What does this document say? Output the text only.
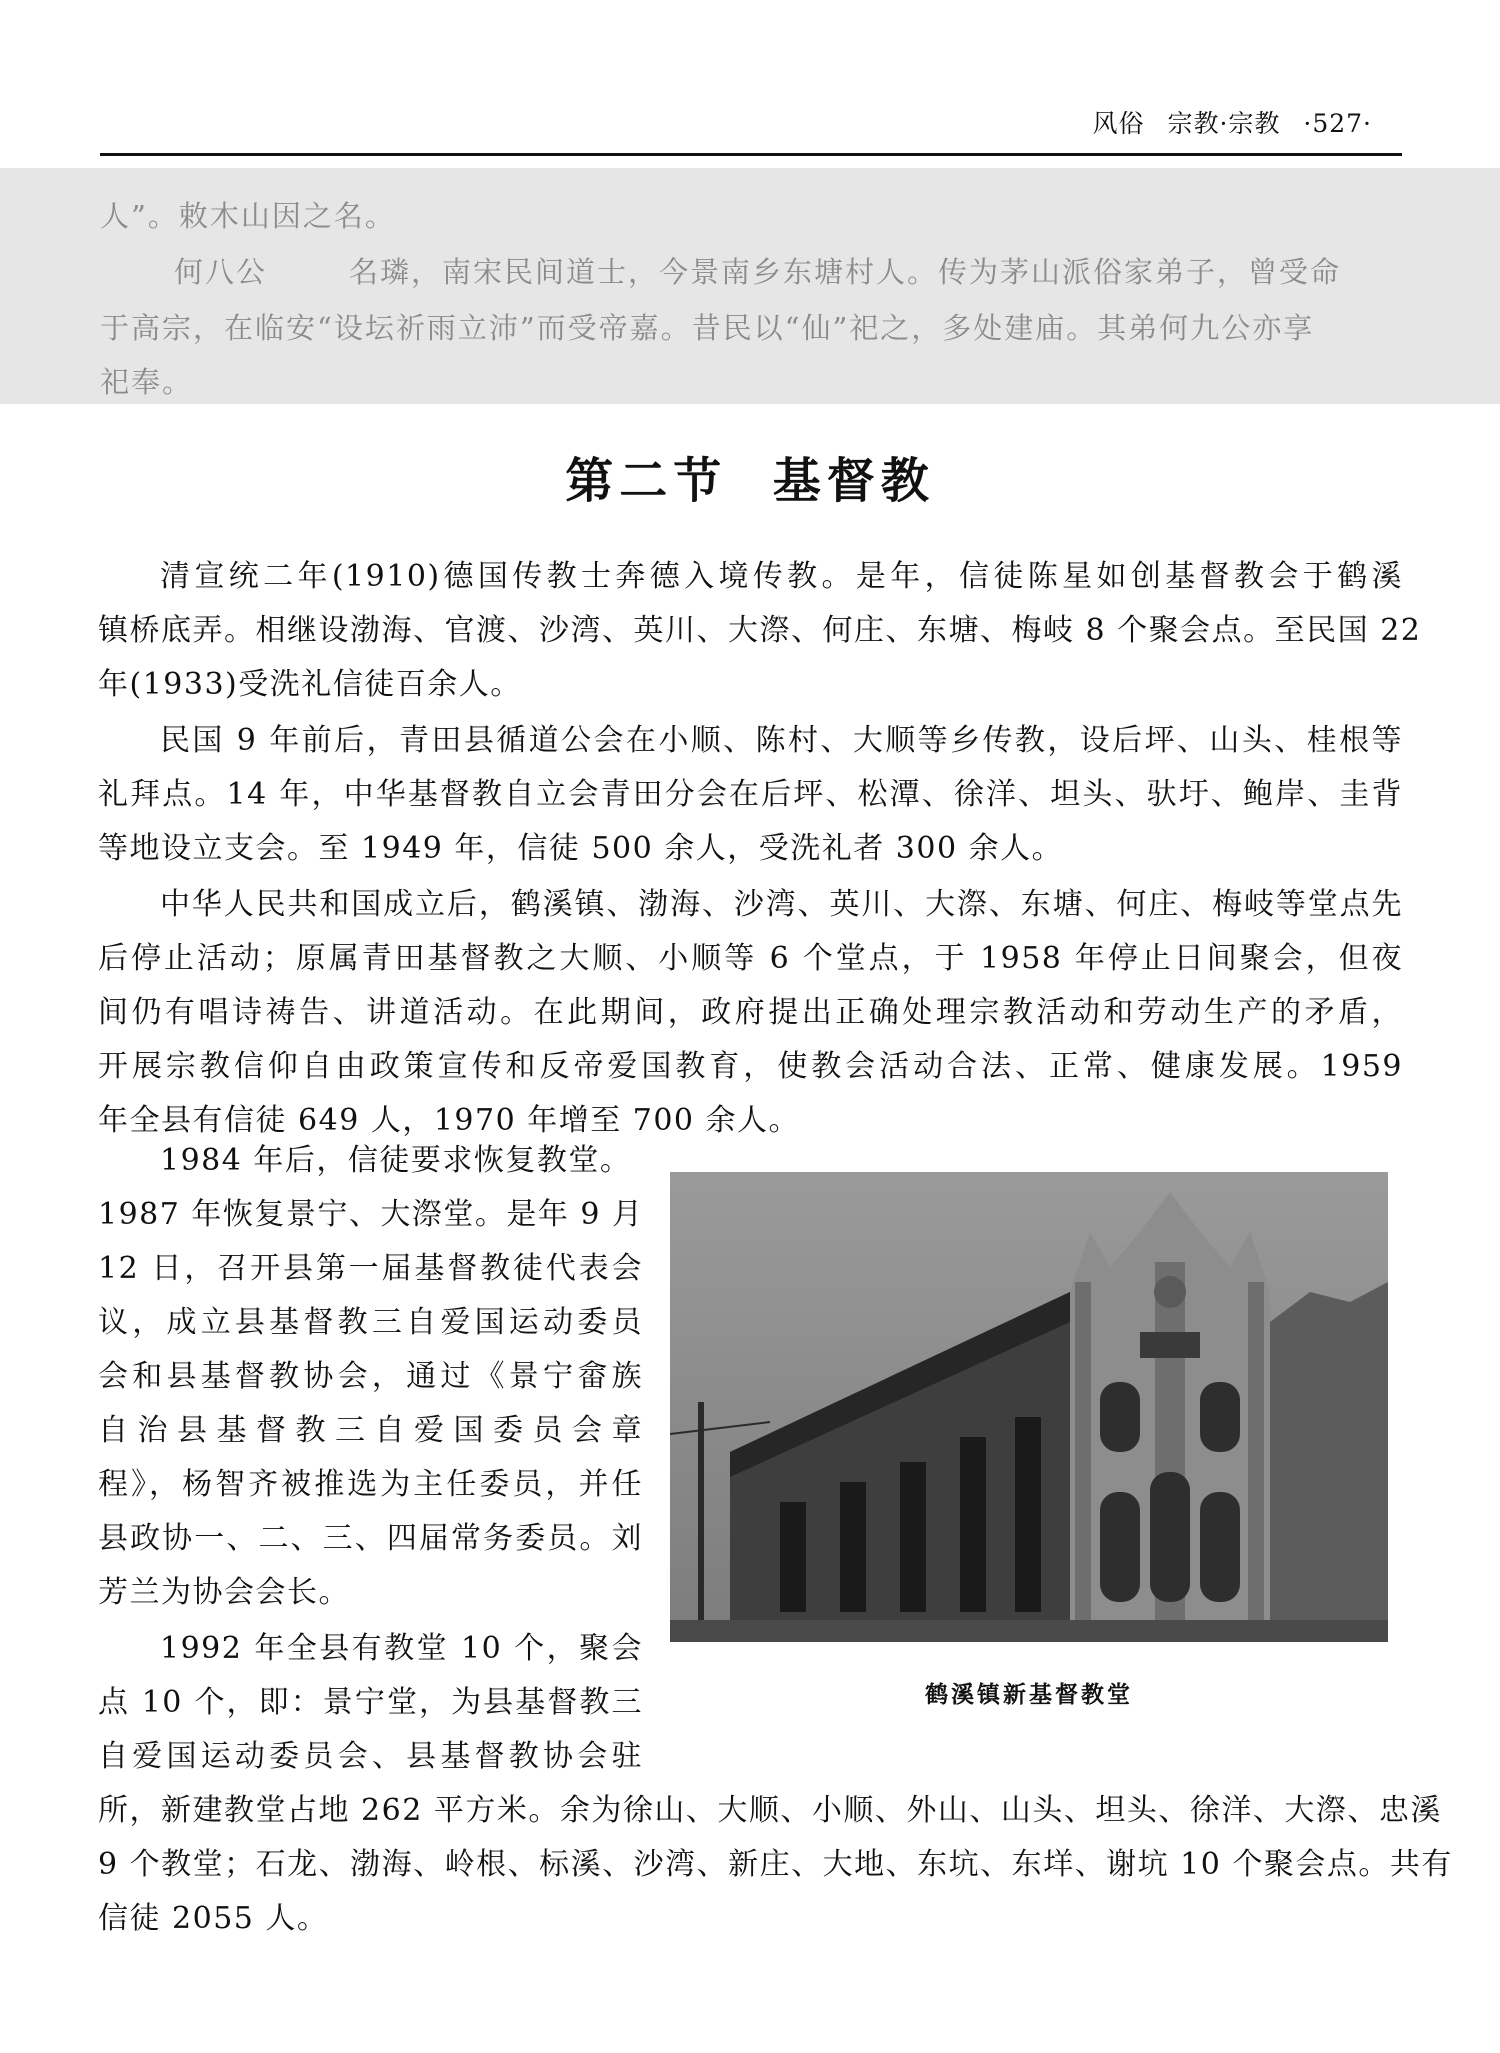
风俗 宗教·宗教 ·527·

人”。敕木山因之名。

何八公	名璘，南宋民间道士，今景南乡东塘村人。传为茅山派俗家弟子，曾受命

于高宗，在临安“设坛祈雨立沛”而受帝嘉。昔民以“仙”祀之，多处建庙。其弟何九公亦享

祀奉。

第二节  基督教

清宣统二年(1910)德国传教士奔德入境传教。是年，信徒陈星如创基督教会于鹤溪

镇桥底弄。相继设渤海、官渡、沙湾、英川、大漈、何庄、东塘、梅岐 8 个聚会点。至民国 22

年(1933)受洗礼信徒百余人。

民国 9 年前后，青田县循道公会在小顺、陈村、大顺等乡传教，设后坪、山头、桂根等

礼拜点。14 年，中华基督教自立会青田分会在后坪、松潭、徐洋、坦头、驮圩、鲍岸、圭背

等地设立支会。至 1949 年，信徒 500 余人，受洗礼者 300 余人。

中华人民共和国成立后，鹤溪镇、渤海、沙湾、英川、大漈、东塘、何庄、梅岐等堂点先

后停止活动；原属青田基督教之大顺、小顺等 6 个堂点，于 1958 年停止日间聚会，但夜

间仍有唱诗祷告、讲道活动。在此期间，政府提出正确处理宗教活动和劳动生产的矛盾，

开展宗教信仰自由政策宣传和反帝爱国教育，使教会活动合法、正常、健康发展。1959

年全县有信徒 649 人，1970 年增至 700 余人。

1984 年后，信徒要求恢复教堂。

1987 年恢复景宁、大漈堂。是年 9 月

12 日，召开县第一届基督教徒代表会

议，成立县基督教三自爱国运动委员

会和县基督教协会，通过《景宁畲族

自治县基督教三自爱国委员会章

程》，杨智齐被推选为主任委员，并任

县政协一、二、三、四届常务委员。刘

芳兰为协会会长。

1992 年全县有教堂 10 个，聚会

点 10 个，即：景宁堂，为县基督教三

自爱国运动委员会、县基督教协会驻

所，新建教堂占地 262 平方米。余为徐山、大顺、小顺、外山、山头、坦头、徐洋、大漈、忠溪

9 个教堂；石龙、渤海、岭根、标溪、沙湾、新庄、大地、东坑、东垟、谢坑 10 个聚会点。共有

信徒 2055 人。

鹤溪镇新基督教堂
